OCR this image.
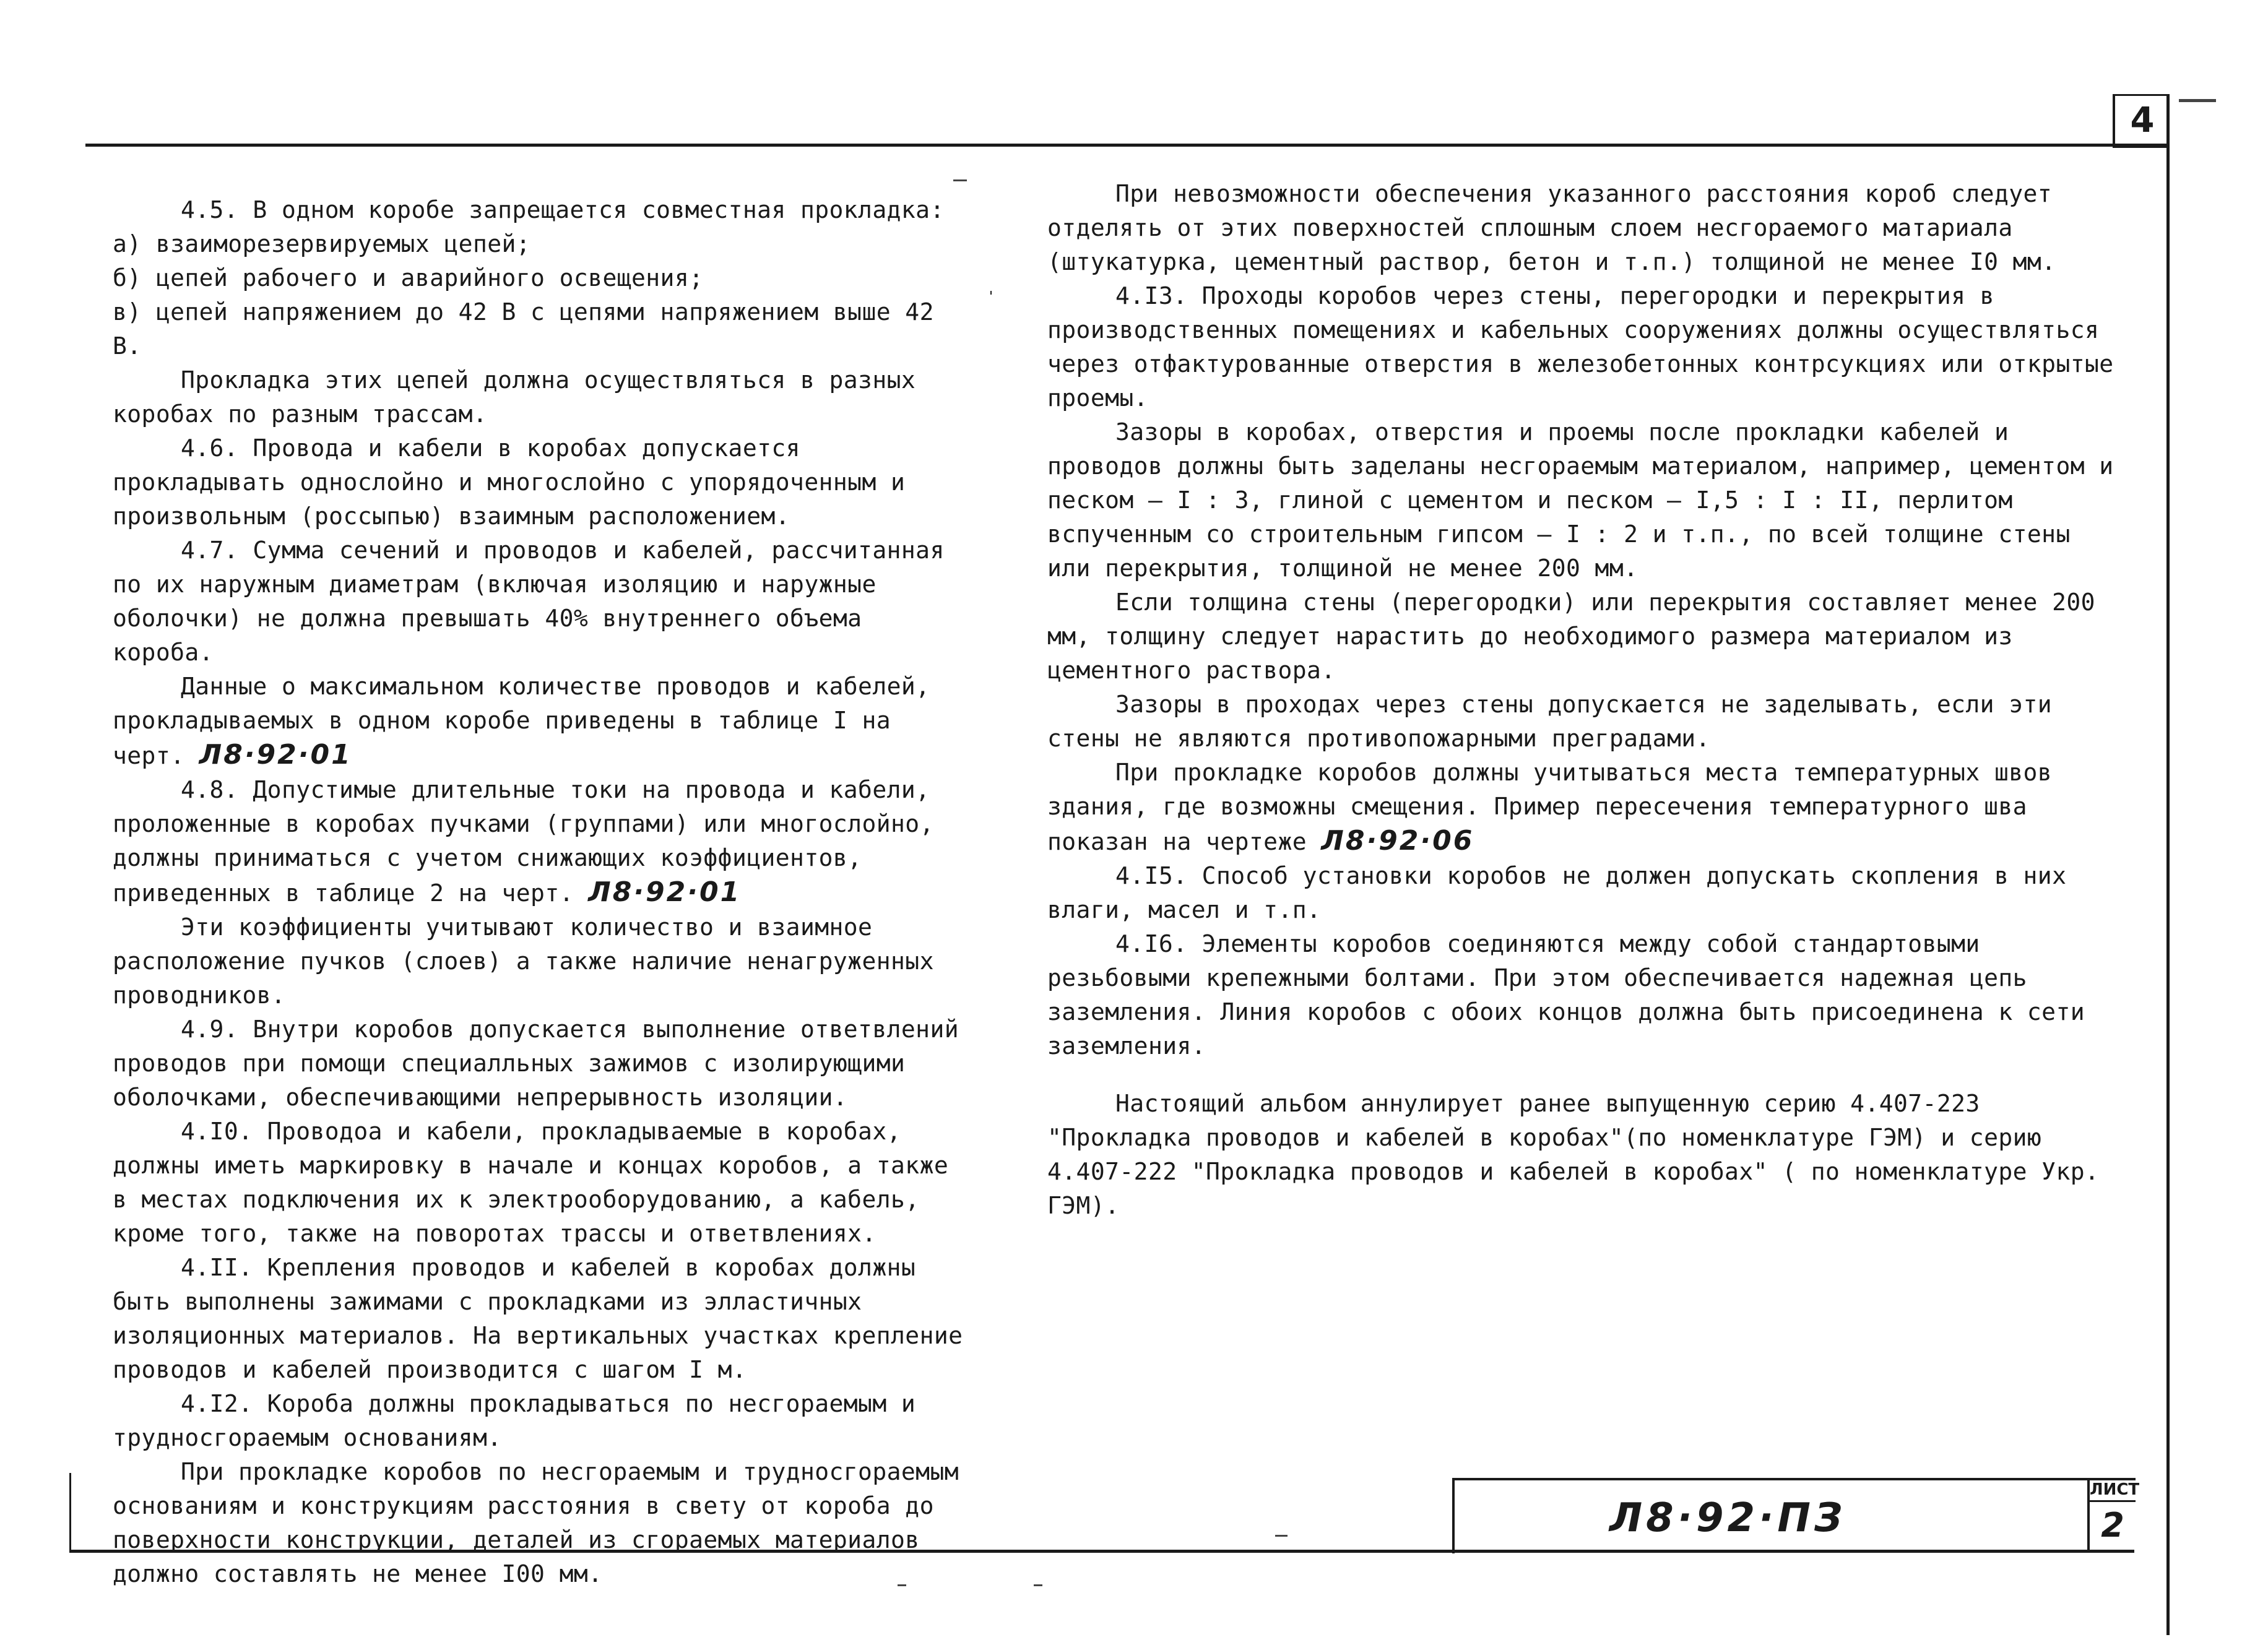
4

4.5. В одном коробе запрещается совместная прокладка:

а) взаиморезервируемых цепей;

б) цепей рабочего и аварийного освещения;

в) цепей напряжением до 42 В с цепями напряжением выше 42 В.

Прокладка этих цепей должна осуществляться в разных коробах по разным трассам.

4.6. Провода и кабели в коробах допускается прокладывать однослойно и многослойно с упорядоченным и произвольным (россыпью) взаимным расположением.

4.7. Сумма сечений и проводов и кабелей, рассчитанная по их наружным диаметрам (включая изоляцию и наружные оболочки) не должна превышать 40% внутреннего объема короба.

Данные о максимальном количестве проводов и кабелей, прокладываемых в одном коробе приведены в таблице I на черт. Л8·92·01

4.8. Допустимые длительные токи на провода и кабели, проложенные в коробах пучками (группами) или многослойно, должны приниматься с учетом снижающих коэффициентов, приведенных в таблице 2 на черт. Л8·92·01

Эти коэффициенты учитывают количество и взаимное расположение пучков (слоев) а также наличие ненагруженных проводников.

4.9. Внутри коробов допускается выполнение ответвлений проводов при помощи специалльных зажимов с изолирующими оболочками, обеспечивающими непрерывность изоляции.

4.I0. Проводоа и кабели, прокладываемые в коробах, должны иметь маркировку в начале и концах коробов, а также в местах подключения их к электрооборудованию, а кабель, кроме того, также на поворотах трассы и ответвлениях.

4.II. Крепления проводов и кабелей в коробах должны быть выполнены зажимами с прокладками из элластичных изоляционных материалов. На вертикальных участках крепление проводов и кабелей производится с шагом I м.

4.I2. Короба должны прокладываться по несгораемым и трудносгораемым основаниям.

При прокладке коробов по несгораемым и трудносгораемым основаниям и конструкциям расстояния в свету от короба до поверхности конструкции, деталей из сгораемых материалов должно составлять не менее I00 мм.

При невозможности обеспечения указанного расстояния короб следует отделять от этих поверхностей сплошным слоем несгораемого матариала (штукатурка, цементный раствор, бетон и т.п.) толщиной не менее I0 мм.

4.I3. Проходы коробов через стены, перегородки и перекрытия в производственных помещениях и кабельных сооружениях должны осуществляться через отфактурованные отверстия в железобетонных контрсукциях или открытые проемы.

Зазоры в коробах, отверстия и проемы после прокладки кабелей и проводов должны быть заделаны несгораемым материалом, например, цементом и песком – I : 3, глиной с цементом и песком – I,5 : I : II, перлитом вспученным со строительным гипсом – I : 2 и т.п., по всей толщине стены или перекрытия, толщиной не менее 200 мм.

Если толщина стены (перегородки) или перекрытия составляет менее 200 мм, толщину следует нарастить до необходимого размера материалом из цементного раствора.

Зазоры в проходах через стены допускается не заделывать, если эти стены не являются противопожарными преградами.

При прокладке коробов должны учитываться места температурных швов здания, где возможны смещения. Пример пересечения температурного шва показан на чертеже Л8·92·06

4.I5. Способ установки коробов не должен допускать скопления в них влаги, масел и т.п.

4.I6. Элементы коробов соединяются между собой стандартовыми резьбовыми крепежными болтами. При этом обеспечивается надежная цепь заземления. Линия коробов с обоих концов должна быть присоединена к сети заземления.

Настоящий альбом аннулирует ранее выпущенную серию 4.407-223 "Прокладка проводов и кабелей в коробах"(по номенклатуре ГЭМ) и серию 4.407-222 "Прокладка проводов и кабелей в коробах" ( по номенклатуре Укр. ГЭМ).

Л8·92·ПЗ
ЛИСТ
2
